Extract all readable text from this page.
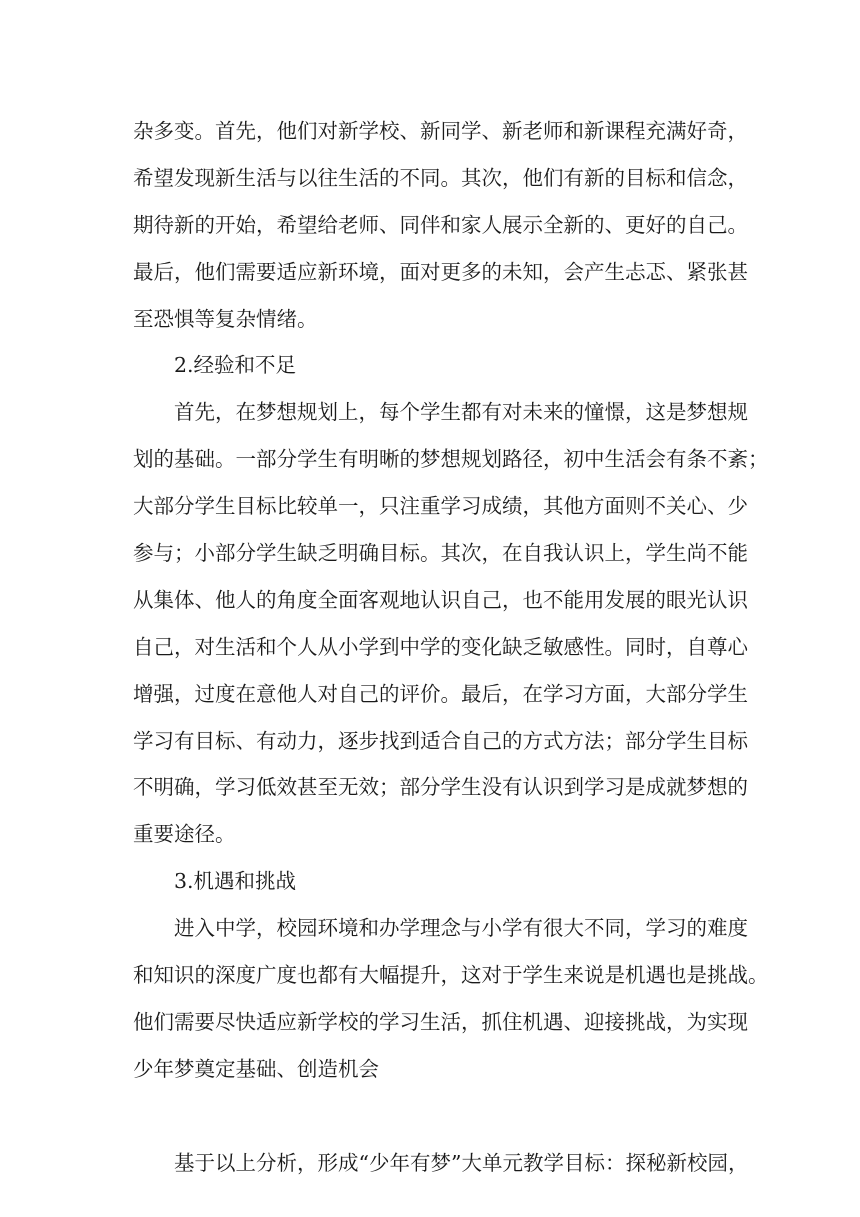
杂多变。首先，他们对新学校、新同学、新老师和新课程充满好奇，
希望发现新生活与以往生活的不同。其次，他们有新的目标和信念，
期待新的开始，希望给老师、同伴和家人展示全新的、更好的自己。
最后，他们需要适应新环境，面对更多的未知，会产生忐忑、紧张甚
至恐惧等复杂情绪。
2.经验和不足
首先，在梦想规划上，每个学生都有对未来的憧憬，这是梦想规
划的基础。一部分学生有明晰的梦想规划路径，初中生活会有条不紊；
大部分学生目标比较单一，只注重学习成绩，其他方面则不关心、少
参与；小部分学生缺乏明确目标。其次，在自我认识上，学生尚不能
从集体、他人的角度全面客观地认识自己，也不能用发展的眼光认识
自己，对生活和个人从小学到中学的变化缺乏敏感性。同时，自尊心
增强，过度在意他人对自己的评价。最后，在学习方面，大部分学生
学习有目标、有动力，逐步找到适合自己的方式方法；部分学生目标
不明确，学习低效甚至无效；部分学生没有认识到学习是成就梦想的
重要途径。
3.机遇和挑战
进入中学，校园环境和办学理念与小学有很大不同，学习的难度
和知识的深度广度也都有大幅提升，这对于学生来说是机遇也是挑战。
他们需要尽快适应新学校的学习生活，抓住机遇、迎接挑战，为实现
少年梦奠定基础、创造机会
基于以上分析，形成“少年有梦”大单元教学目标：探秘新校园，
